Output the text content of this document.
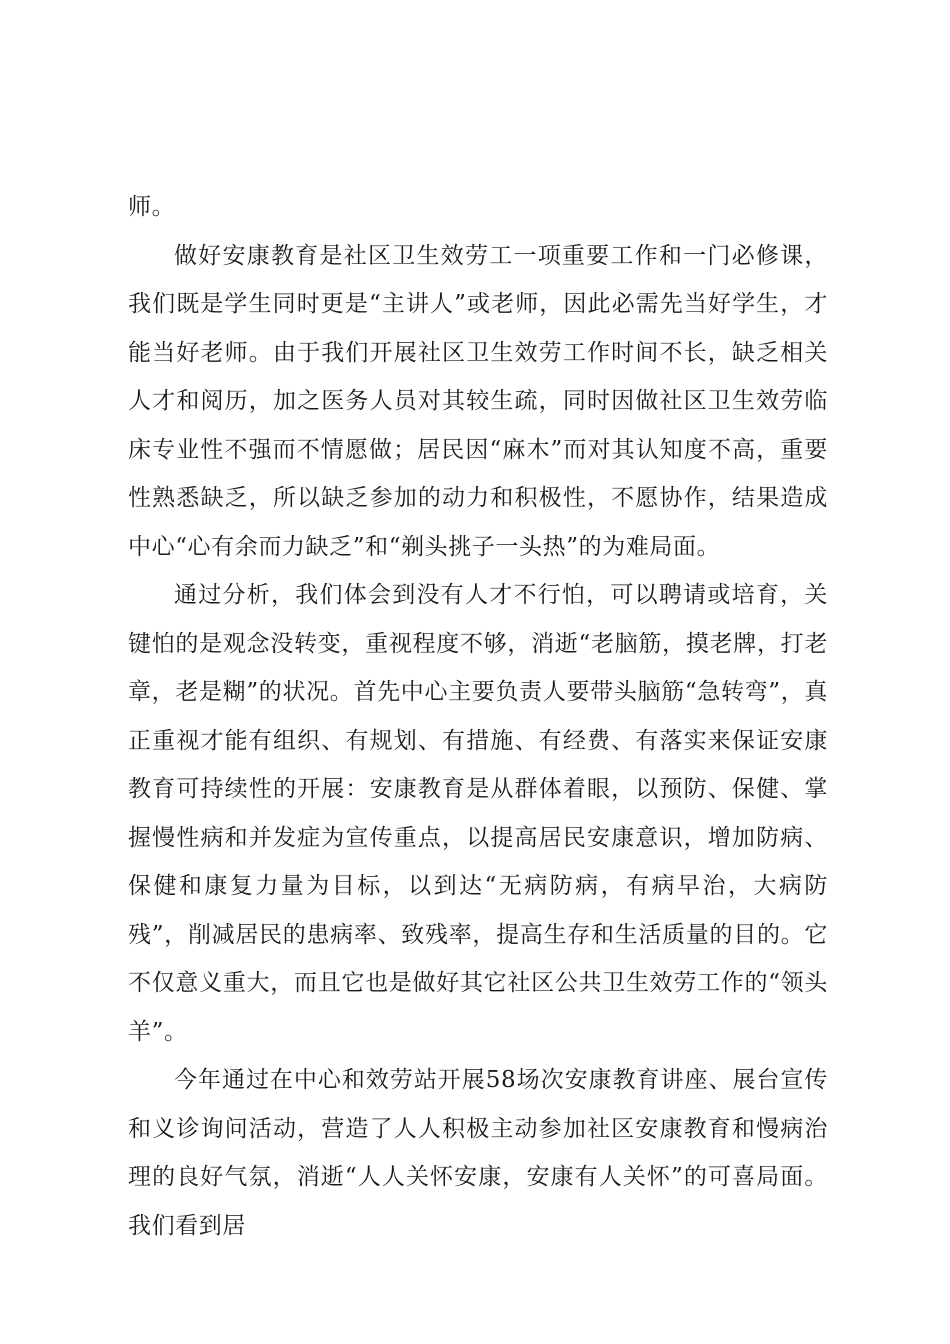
师。

做好安康教育是社区卫生效劳工一项重要工作和一门必修课，我们既是学生同时更是“主讲人”或老师，因此必需先当好学生，才能当好老师。由于我们开展社区卫生效劳工作时间不长，缺乏相关人才和阅历，加之医务人员对其较生疏，同时因做社区卫生效劳临床专业性不强而不情愿做；居民因“麻木”而对其认知度不高，重要性熟悉缺乏，所以缺乏参加的动力和积极性，不愿协作，结果造成中心“心有余而力缺乏”和“剃头挑子一头热”的为难局面。

通过分析，我们体会到没有人才不行怕，可以聘请或培育，关键怕的是观念没转变，重视程度不够，消逝“老脑筋，摸老牌，打老章，老是糊”的状况。首先中心主要负责人要带头脑筋“急转弯”，真正重视才能有组织、有规划、有措施、有经费、有落实来保证安康教育可持续性的开展：安康教育是从群体着眼，以预防、保健、掌握慢性病和并发症为宣传重点，以提高居民安康意识，增加防病、保健和康复力量为目标，以到达“无病防病，有病早治，大病防残”，削减居民的患病率、致残率，提高生存和生活质量的目的。它不仅意义重大，而且它也是做好其它社区公共卫生效劳工作的“领头羊”。

今年通过在中心和效劳站开展58场次安康教育讲座、展台宣传和义诊询问活动，营造了人人积极主动参加社区安康教育和慢病治理的良好气氛，消逝“人人关怀安康，安康有人关怀”的可喜局面。我们看到居
